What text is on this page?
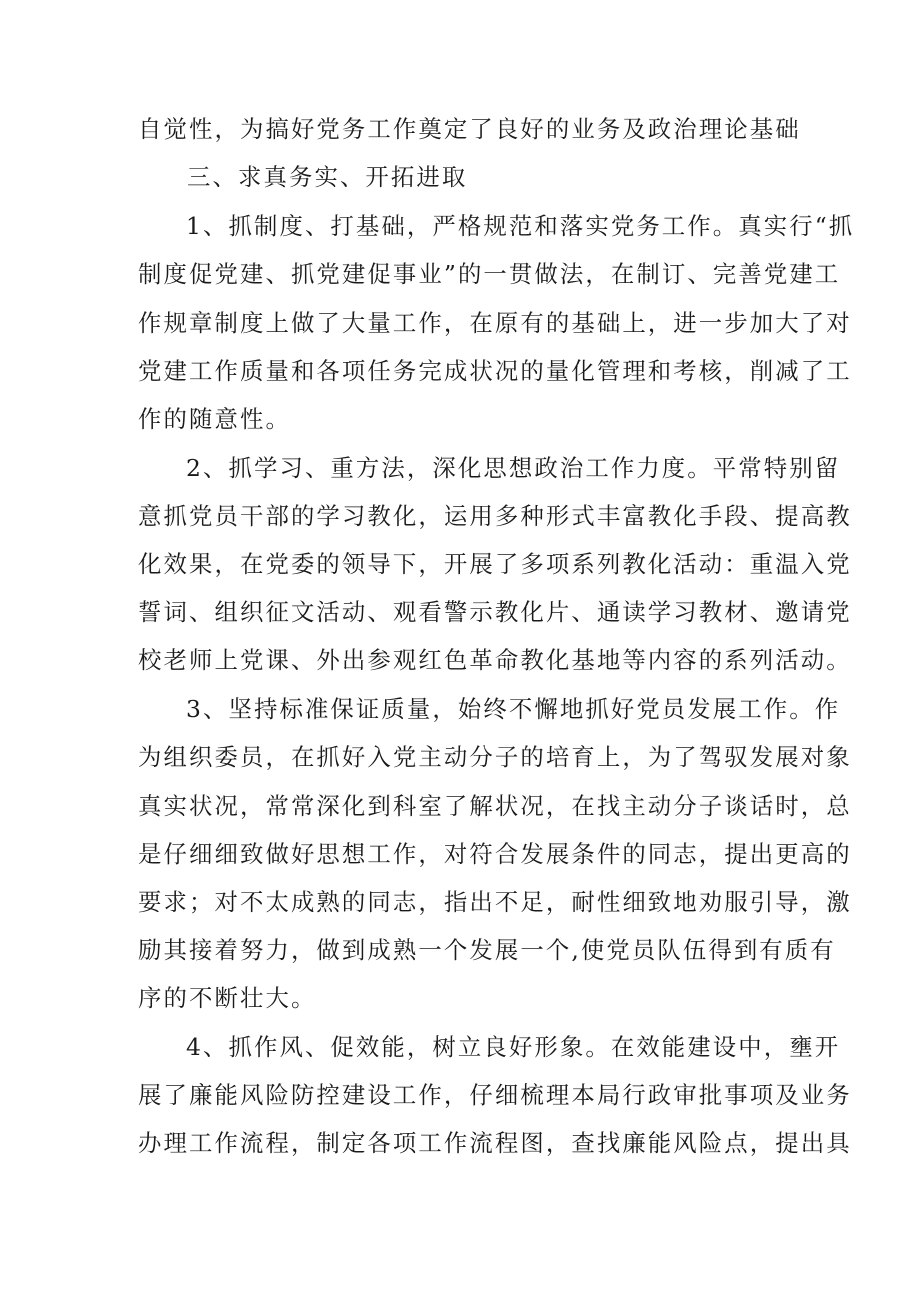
自觉性，为搞好党务工作奠定了良好的业务及政治理论基础
三、求真务实、开拓进取
1、抓制度、打基础，严格规范和落实党务工作。真实行“抓
制度促党建、抓党建促事业”的一贯做法，在制订、完善党建工
作规章制度上做了大量工作，在原有的基础上，进一步加大了对
党建工作质量和各项任务完成状况的量化管理和考核，削减了工
作的随意性。
2、抓学习、重方法，深化思想政治工作力度。平常特别留
意抓党员干部的学习教化，运用多种形式丰富教化手段、提高教
化效果，在党委的领导下，开展了多项系列教化活动：重温入党
誓词、组织征文活动、观看警示教化片、通读学习教材、邀请党
校老师上党课、外出参观红色革命教化基地等内容的系列活动。
3、坚持标准保证质量，始终不懈地抓好党员发展工作。作
为组织委员，在抓好入党主动分子的培育上，为了驾驭发展对象
真实状况，常常深化到科室了解状况，在找主动分子谈话时，总
是仔细细致做好思想工作，对符合发展条件的同志，提出更高的
要求；对不太成熟的同志，指出不足，耐性细致地劝服引导，激
励其接着努力，做到成熟一个发展一个,使党员队伍得到有质有
序的不断壮大。
4、抓作风、促效能，树立良好形象。在效能建设中，壅开
展了廉能风险防控建设工作，仔细梳理本局行政审批事项及业务
办理工作流程，制定各项工作流程图，查找廉能风险点，提出具
